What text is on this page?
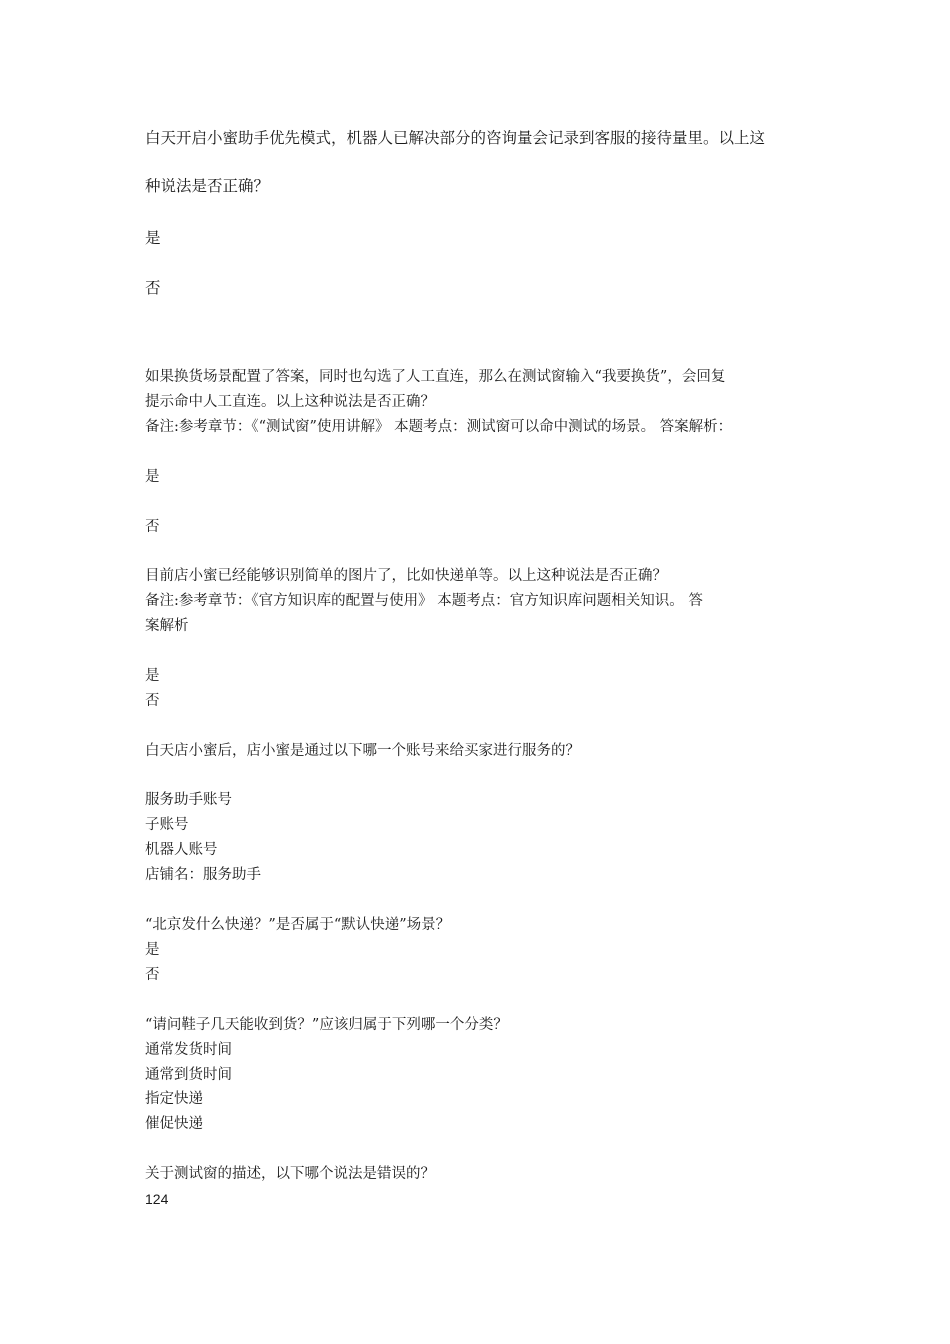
白天开启小蜜助手优先模式，机器人已解决部分的咨询量会记录到客服的接待量里。以上这

种说法是否正确？

是

否

如果换货场景配置了答案，同时也勾选了人工直连，那么在测试窗输入“我要换货”，会回复

提示命中人工直连。以上这种说法是否正确？

备注:参考章节：《“测试窗”使用讲解》 本题考点：测试窗可以命中测试的场景。 答案解析：

是

否

目前店小蜜已经能够识别简单的图片了，比如快递单等。以上这种说法是否正确？

备注:参考章节：《官方知识库的配置与使用》 本题考点：官方知识库问题相关知识。 答

案解析

是

否

白天店小蜜后，店小蜜是通过以下哪一个账号来给买家进行服务的？

服务助手账号

子账号

机器人账号

店铺名：服务助手

“北京发什么快递？”是否属于“默认快递”场景？

是

否

“请问鞋子几天能收到货？”应该归属于下列哪一个分类？

通常发货时间

通常到货时间

指定快递

催促快递

关于测试窗的描述，以下哪个说法是错误的？

124
